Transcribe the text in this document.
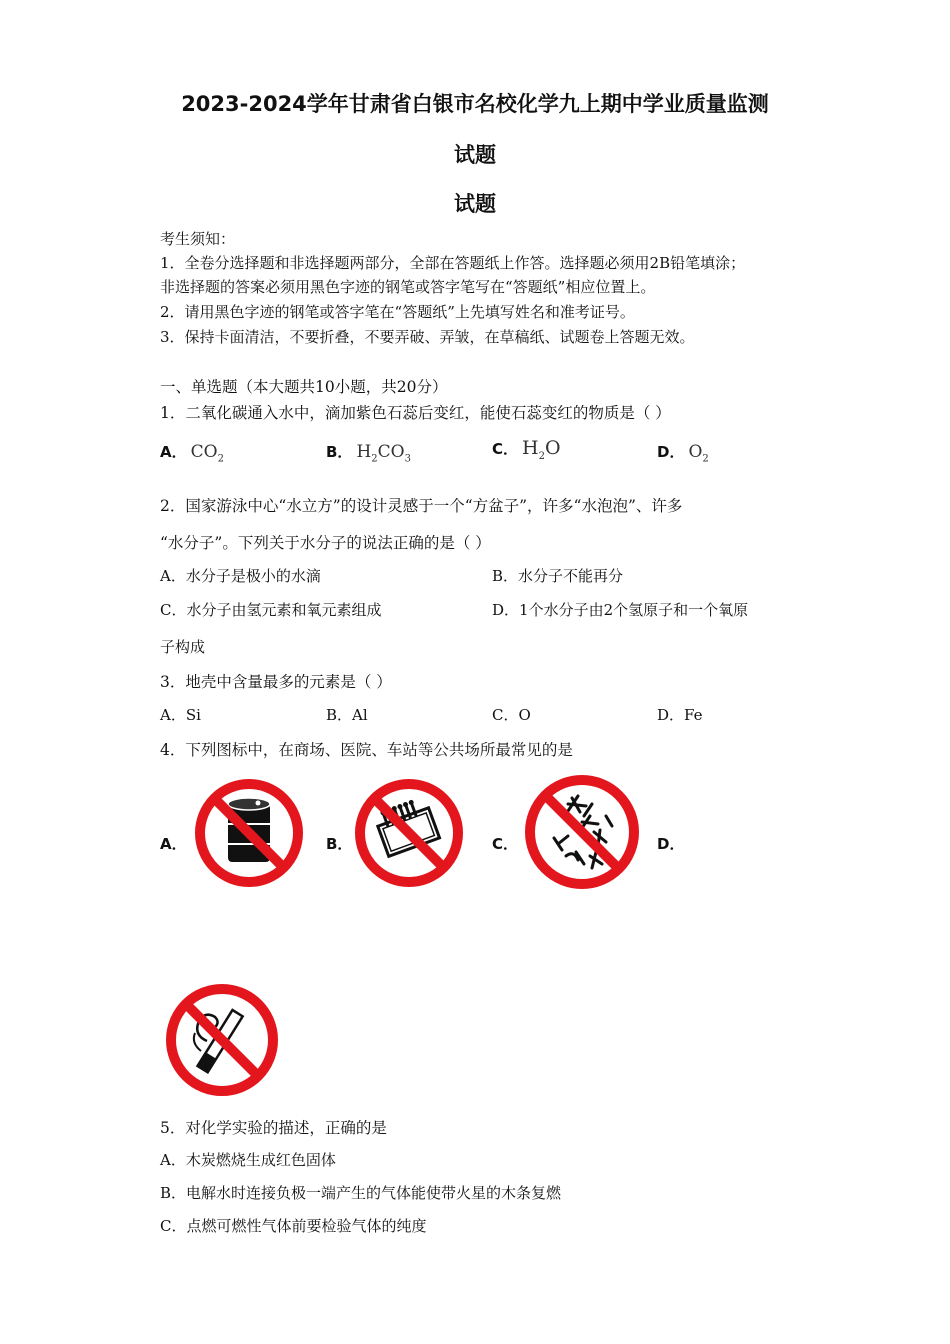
2023-2024学年甘肃省白银市名校化学九上期中学业质量监测
试题
试题
考生须知：
1．全卷分选择题和非选择题两部分，全部在答题纸上作答。选择题必须用2B铅笔填涂；
非选择题的答案必须用黑色字迹的钢笔或答字笔写在“答题纸”相应位置上。
2．请用黑色字迹的钢笔或答字笔在“答题纸”上先填写姓名和准考证号。
3．保持卡面清洁，不要折叠，不要弄破、弄皱，在草稿纸、试题卷上答题无效。
一、单选题（本大题共10小题，共20分）
1．二氧化碳通入水中，滴加紫色石蕊后变红，能使石蕊变红的物质是（ ）
A． $CO_2$	B． $H_2CO_3$
C． $H_2O$	D． $O_2$
2．国家游泳中心“水立方”的设计灵感于一个“方盆子”，许多“水泡泡”、许多
“水分子”。下列关于水分子的说法正确的是（ ）
A．水分子是极小的水滴	B．水分子不能再分
C．水分子由氢元素和氧元素组成	D．1个水分子由2个氢原子和一个氧原
子构成
3．地壳中含量最多的元素是（ ）
A．Si	B．Al	C．O	D．Fe
4．下列图标中，在商场、医院、车站等公共场所最常见的是
A．	B．	C．	D．
5．对化学实验的描述，正确的是
A．木炭燃烧生成红色固体
B．电解水时连接负极一端产生的气体能使带火星的木条复燃
C．点燃可燃性气体前要检验气体的纯度
